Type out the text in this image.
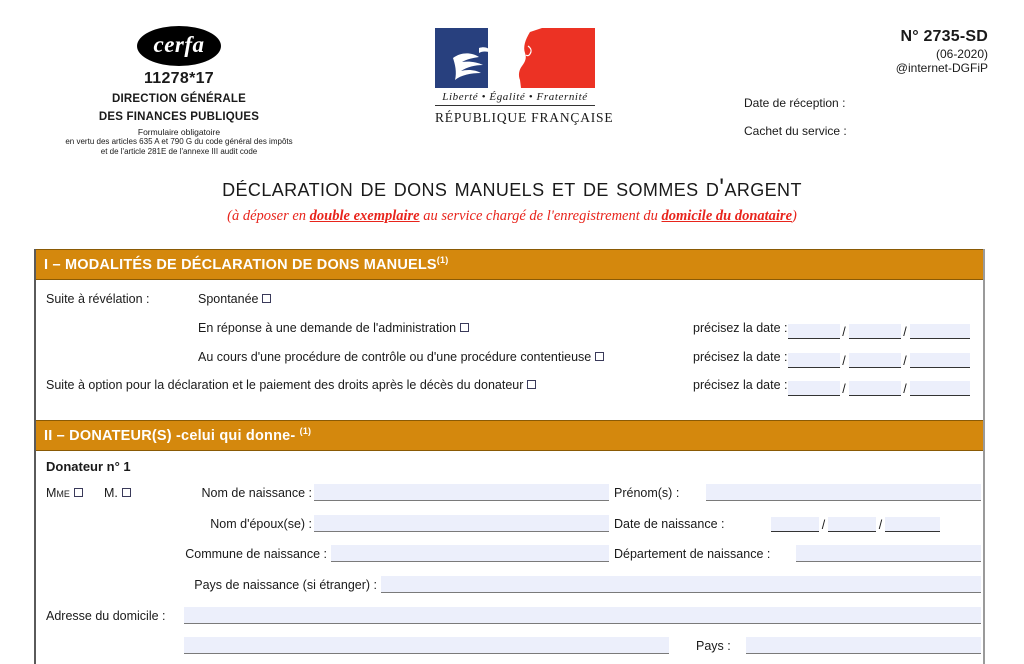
cerfa
11278*17
DIRECTION GÉNÉRALE
DES FINANCES PUBLIQUES
Formulaire obligatoire
en vertu des articles 635 A et 790 G du code général des impôts
et de l'article 281E de l'annexe III audit code
Liberté • Égalité • Fraternité
RÉPUBLIQUE FRANÇAISE
N° 2735-SD
(06-2020)
@internet-DGFiP
Date de réception :
Cachet du service :
déclaration de dons manuels et de sommes d'argent
(à déposer en double exemplaire au service chargé de l'enregistrement du domicile du donataire)
I – MODALITÉS DE DÉCLARATION DE DONS MANUELS$^{(1)}$
Suite à révélation :	Spontanée
En réponse à une demande de l'administration	précisez la date :	/	/
Au cours d'une procédure de contrôle ou d'une procédure contentieuse	précisez la date :	/	/
Suite à option pour la déclaration et le paiement des droits après le décès du donateur	précisez la date :	/	/
II – DONATEUR(S) -celui qui donne- $^{(1)}$
Donateur n° 1
Mme	M.	Nom de naissance :	Prénom(s) :
Nom d'époux(se) :	Date de naissance :	/	/
Commune de naissance :	Département de naissance :
Pays de naissance (si étranger) :
Adresse du domicile :
Pays :
